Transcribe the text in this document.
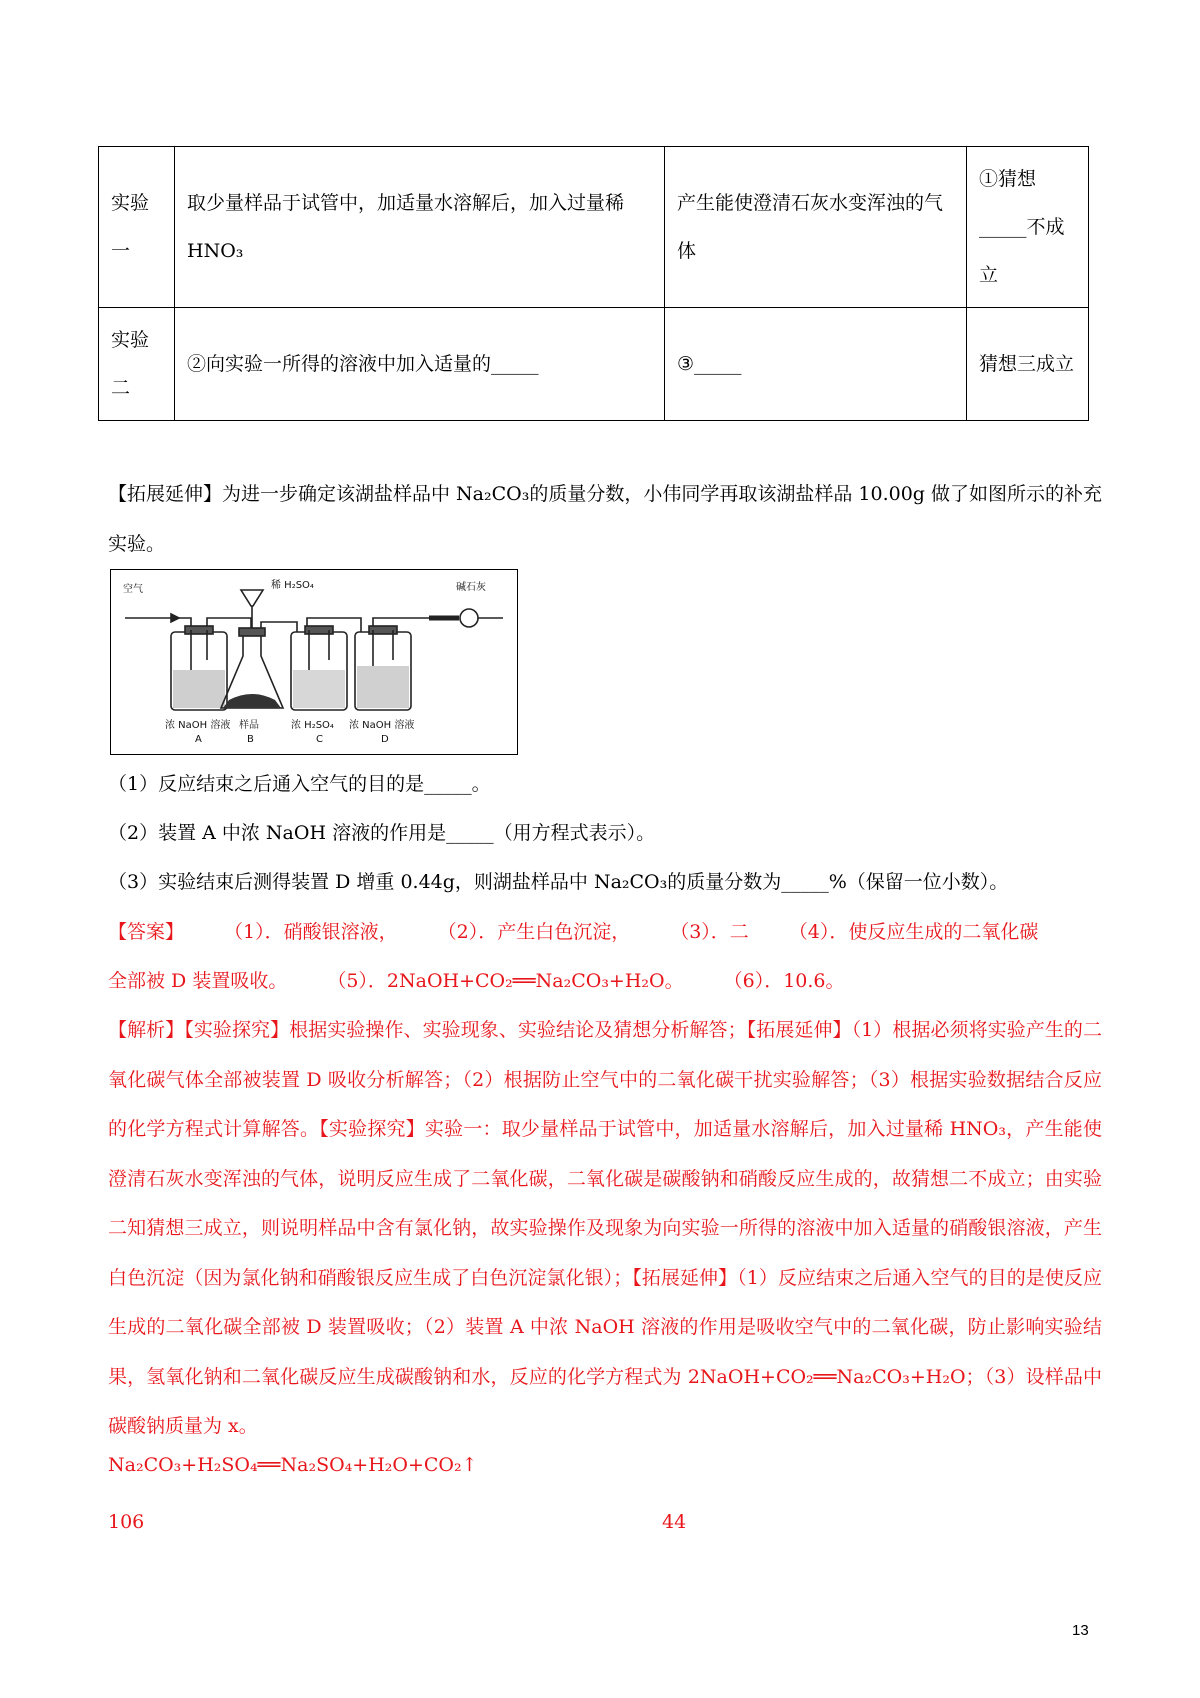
实验一	取少量样品于试管中，加适量水溶解后，加入过量稀 HNO₃	产生能使澄清石灰水变浑浊的气体	①猜想_____不成立
实验二	②向实验一所得的溶液中加入适量的_____	③_____	猜想三成立
【拓展延伸】为进一步确定该湖盐样品中 Na₂CO₃的质量分数，小伟同学再取该湖盐样品 10.00g 做了如图所示的补充实验。
空气	稀 H₂SO₄	碱石灰
浓 NaOH 溶液
A
样品
B
浓 H₂SO₄
C
浓 NaOH 溶液
D
（1）反应结束之后通入空气的目的是_____。
（2）装置 A 中浓 NaOH 溶液的作用是_____（用方程式表示）。
（3）实验结束后测得装置 D 增重 0.44g，则湖盐样品中 Na₂CO₃的质量分数为_____%（保留一位小数）。
【答案】 （1）．硝酸银溶液， （2）．产生白色沉淀， （3）．二 （4）．使反应生成的二氧化碳
全部被 D 装置吸收。 （5）．2NaOH+CO₂══Na₂CO₃+H₂O。 （6）．10.6。
【解析】【实验探究】根据实验操作、实验现象、实验结论及猜想分析解答；【拓展延伸】（1）根据必须将实验产生的二氧化碳气体全部被装置 D 吸收分析解答；（2）根据防止空气中的二氧化碳干扰实验解答；（3）根据实验数据结合反应的化学方程式计算解答。【实验探究】实验一：取少量样品于试管中，加适量水溶解后，加入过量稀 HNO₃，产生能使澄清石灰水变浑浊的气体，说明反应生成了二氧化碳，二氧化碳是碳酸钠和硝酸反应生成的，故猜想二不成立；由实验二知猜想三成立，则说明样品中含有氯化钠，故实验操作及现象为向实验一所得的溶液中加入适量的硝酸银溶液，产生白色沉淀（因为氯化钠和硝酸银反应生成了白色沉淀氯化银）；【拓展延伸】（1）反应结束之后通入空气的目的是使反应生成的二氧化碳全部被 D 装置吸收；（2）装置 A 中浓 NaOH 溶液的作用是吸收空气中的二氧化碳，防止影响实验结果，氢氧化钠和二氧化碳反应生成碳酸钠和水，反应的化学方程式为 2NaOH+CO₂══Na₂CO₃+H₂O；（3）设样品中碳酸钠质量为 x。
Na₂CO₃+H₂SO₄══Na₂SO₄+H₂O+CO₂↑
106	44
13
